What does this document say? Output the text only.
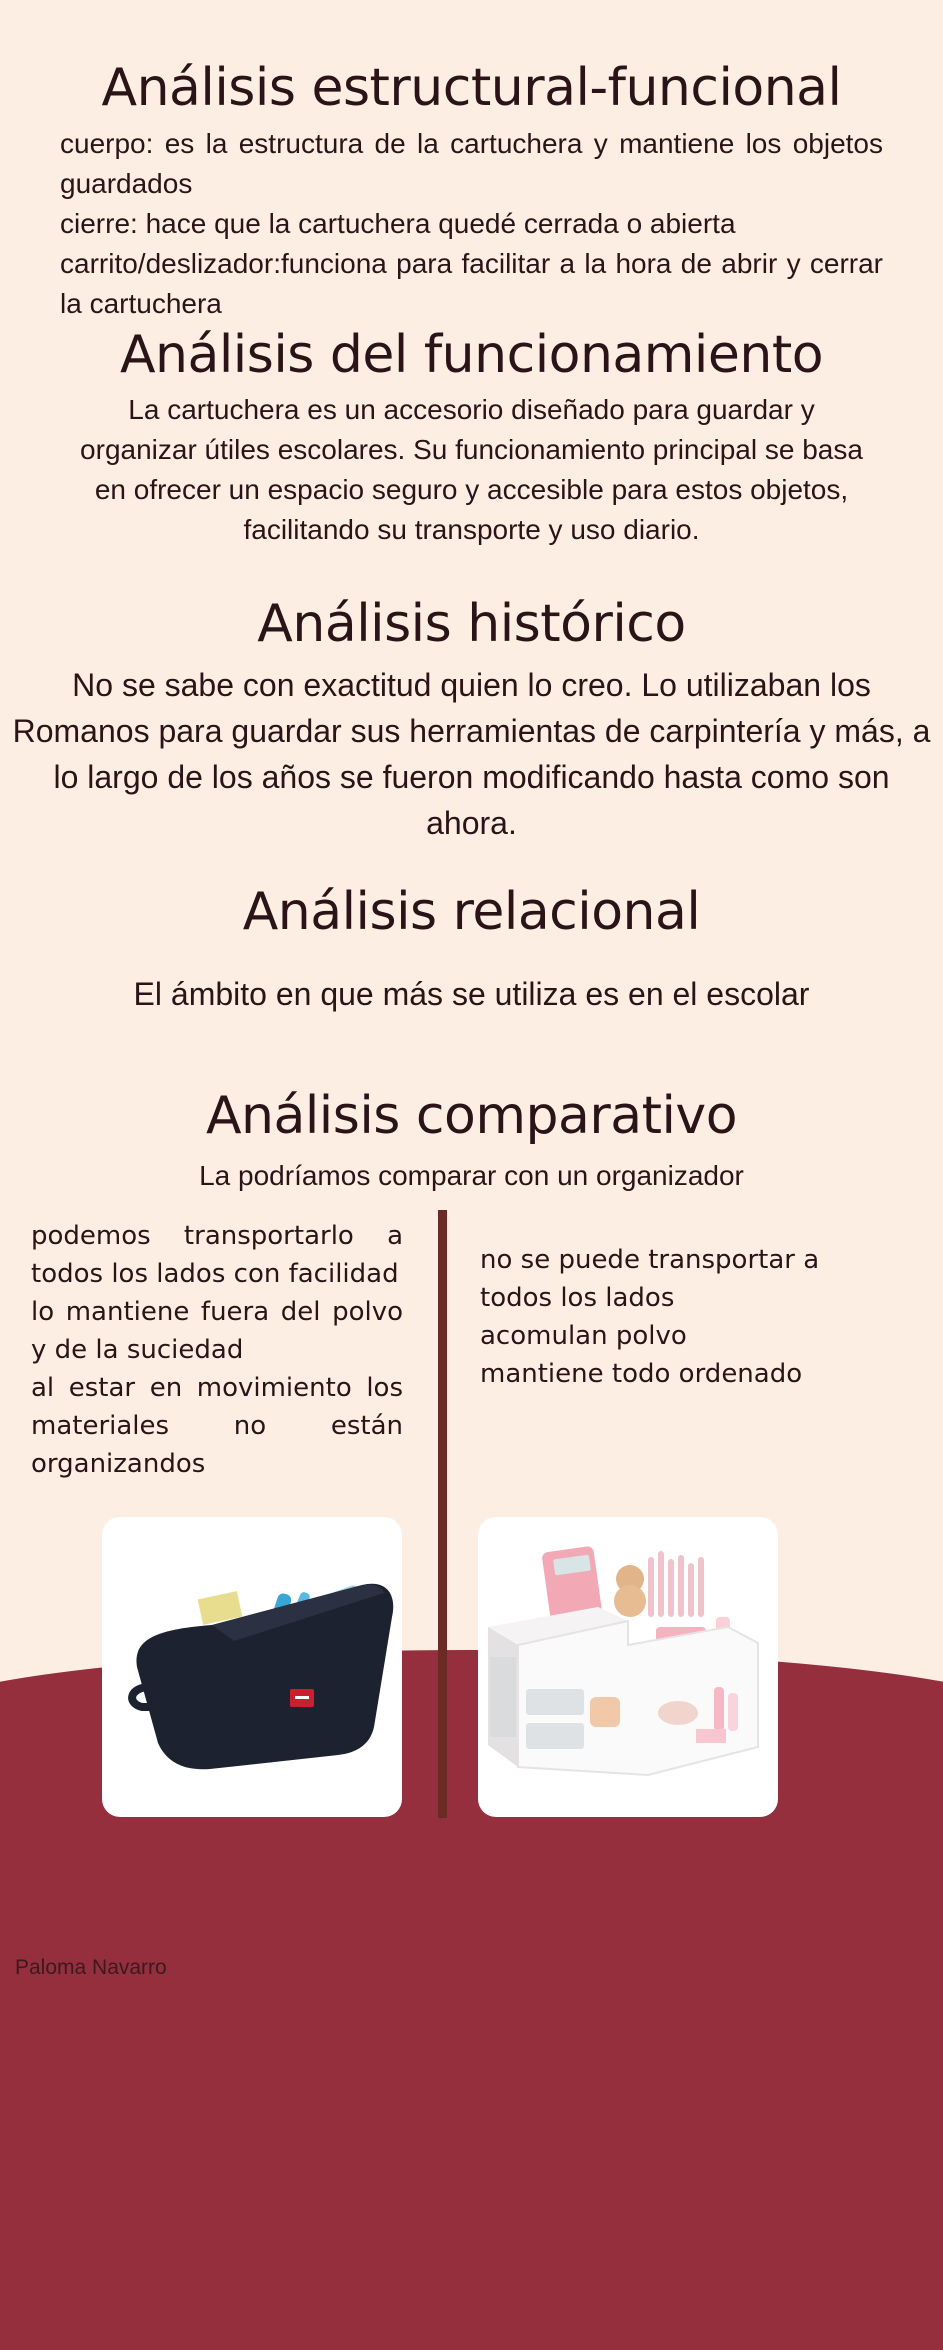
Análisis estructural-funcional

cuerpo: es la estructura de la cartuchera y mantiene los objetos guardados

cierre: hace que la cartuchera quedé cerrada o abierta

carrito/deslizador:funciona para facilitar a la hora de abrir y cerrar la cartuchera

Análisis del funcionamiento

La cartuchera es un accesorio diseñado para guardar y organizar útiles escolares. Su funcionamiento principal se basa en ofrecer un espacio seguro y accesible para estos objetos, facilitando su transporte y uso diario.

Análisis histórico

No se sabe con exactitud quien lo creo. Lo utilizaban los Romanos para guardar sus herramientas de carpintería y más, a lo largo de los años se fueron modificando hasta como son ahora.

Análisis relacional

El ámbito en que más se utiliza es en el escolar

Análisis comparativo

La podríamos comparar con un organizador

podemos transportarlo a todos los lados con facilidad
lo mantiene fuera del polvo y de la suciedad
al estar en movimiento los materiales no están organizandos
no se puede transportar a todos los lados
acomulan polvo
mantiene todo ordenado
Paloma Navarro
